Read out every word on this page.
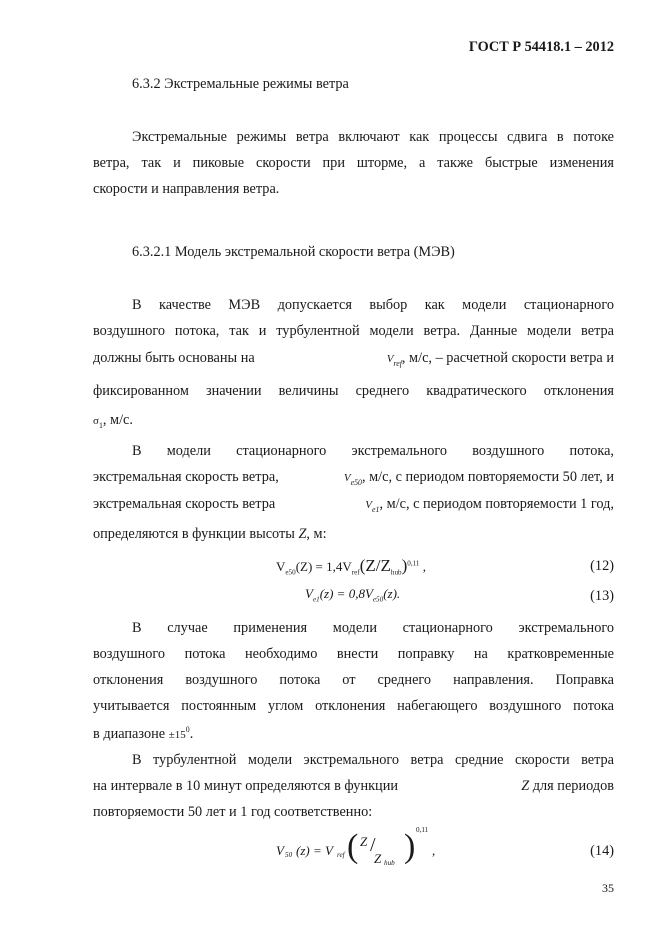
ГОСТ Р 54418.1 – 2012
6.3.2 Экстремальные режимы ветра
Экстремальные режимы ветра включают как процессы сдвига в потоке
ветра, так и пиковые скорости при шторме, а также быстрые изменения
скорости и направления ветра.
6.3.2.1 Модель экстремальной скорости ветра (МЭВ)
В качестве МЭВ допускается выбор как модели стационарного
воздушного потока, так и турбулентной модели ветра. Данные модели ветра
должны быть основаны на	$V_{ref}$, м/с, – расчетной скорости ветра и
фиксированном значении величины среднего квадратического отклонения
$\sigma_1$, м/с.
В модели стационарного экстремального воздушного потока,
экстремальная скорость ветра,	$V_{e50}$, м/с, с периодом повторяемости 50 лет, и
экстремальная скорость ветра	$V_{e1}$, м/с, с периодом повторяемости 1 год,
определяются в функции высоты Z, м:
$V_{e50}(Z) = 1,4V_{ref}(Z/Z_{hub})^{0,11}$ ,	(12)
$V_{e1}(z) = 0,8V_{e50}(z)$.	(13)
В случае применения модели стационарного экстремального
воздушного потока необходимо внести поправку на кратковременные
отклонения воздушного потока от среднего направления. Поправка
учитывается постоянным углом отклонения набегающего воздушного потока
в диапазоне $\pm 15^0$.
В турбулентной модели экстремального ветра средние скорости ветра
на интервале в 10 минут определяются в функции	Z для периодов
повторяемости 50 лет и 1 год соответственно:
V 50 (z) = V ref ( Z /
Z hub ) 0,11
,	(14)
35
